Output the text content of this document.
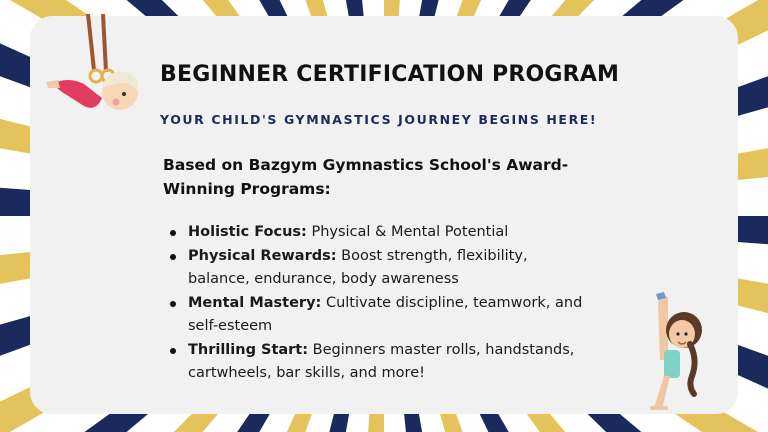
BEGINNER CERTIFICATION PROGRAM
YOUR CHILD'S GYMNASTICS JOURNEY BEGINS HERE!

Based on Bazgym Gymnastics School's Award-Winning Programs:

Holistic Focus: Physical & Mental Potential
Physical Rewards: Boost strength, flexibility, balance, endurance, body awareness
Mental Mastery: Cultivate discipline, teamwork, and self-esteem
Thrilling Start: Beginners master rolls, handstands, cartwheels, bar skills, and more!
